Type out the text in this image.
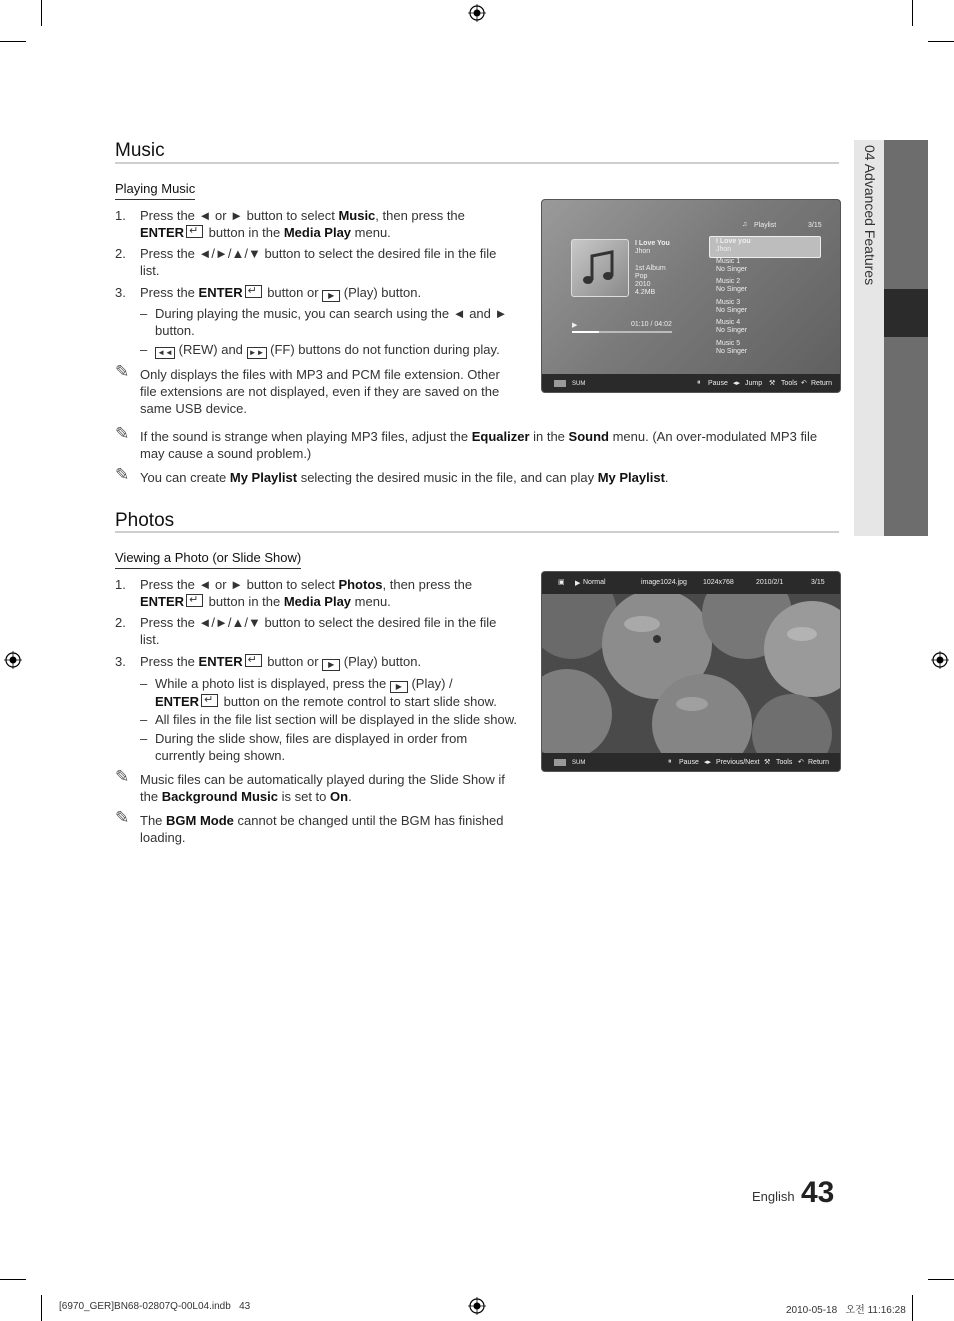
04 Advanced Features
Music
Playing Music
1. Press the ◄ or ► button to select Music, then press the
ENTER↵ button in the Media Play menu.
2. Press the ◄/►/▲/▼ button to select the desired file in the file
list.
3. Press the ENTER↵ button or ▶ (Play) button.
– During playing the music, you can search using the ◄ and ►
button.
– ◄◄ (REW) and ►► (FF) buttons do not function during play.
✎ Only displays the files with MP3 and PCM file extension. Other
file extensions are not displayed, even if they are saved on the
same USB device.
✎ If the sound is strange when playing MP3 files, adjust the Equalizer in the Sound menu. (An over-modulated MP3 file
may cause a sound problem.)
✎ You can create My Playlist selecting the desired music in the file, and can play My Playlist.
I Love You
Jhon
1st Album
Pop
2010
4.2MB
▶	01:10 / 04:02
♫ Playlist	3/15
I Love you
Jhon
Music 1
No Singer
Music 2
No Singer
Music 3
No Singer
Music 4
No Singer
Music 5
No Singer
SUM	⏸ Pause ◂▸ Jump ⚒ Tools ↶ Return
Photos
Viewing a Photo (or Slide Show)
1. Press the ◄ or ► button to select Photos, then press the
ENTER↵ button in the Media Play menu.
2. Press the ◄/►/▲/▼ button to select the desired file in the file
list.
3. Press the ENTER↵ button or ▶ (Play) button.
– While a photo list is displayed, press the ▶ (Play) /
ENTER↵ button on the remote control to start slide show.
– All files in the file list section will be displayed in the slide show.
– During the slide show, files are displayed in order from
currently being shown.
✎ Music files can be automatically played during the Slide Show if
the Background Music is set to On.
✎ The BGM Mode cannot be changed until the BGM has finished
loading.
▣ ▶ Normal	image1024.jpg 1024x768	2010/2/1	3/15
SUM	⏸ Pause ◂▸ Previous/Next ⚒ Tools ↶ Return
English 43
[6970_GER]BN68-02807Q-00L04.indb   43	2010-05-18   오전 11:16:28
